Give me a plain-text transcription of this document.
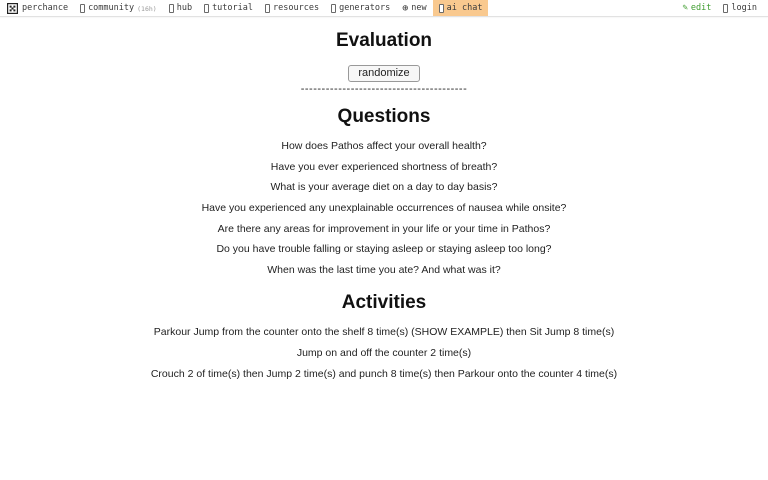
perchance community (16h) hub tutorial resources generators ⊕ new ai chat	✎ edit login
Evaluation
randomize
----------------------------------------
Questions

How does Pathos affect your overall health?

Have you ever experienced shortness of breath?

What is your average diet on a day to day basis?

Have you experienced any unexplainable occurrences of nausea while onsite?

Are there any areas for improvement in your life or your time in Pathos?

Do you have trouble falling or staying asleep or staying asleep too long?

When was the last time you ate? And what was it?

Activities

Parkour Jump from the counter onto the shelf 8 time(s) (SHOW EXAMPLE) then Sit Jump 8 time(s)

Jump on and off the counter 2 time(s)

Crouch 2 of time(s) then Jump 2 time(s) and punch 8 time(s) then Parkour onto the counter 4 time(s)
